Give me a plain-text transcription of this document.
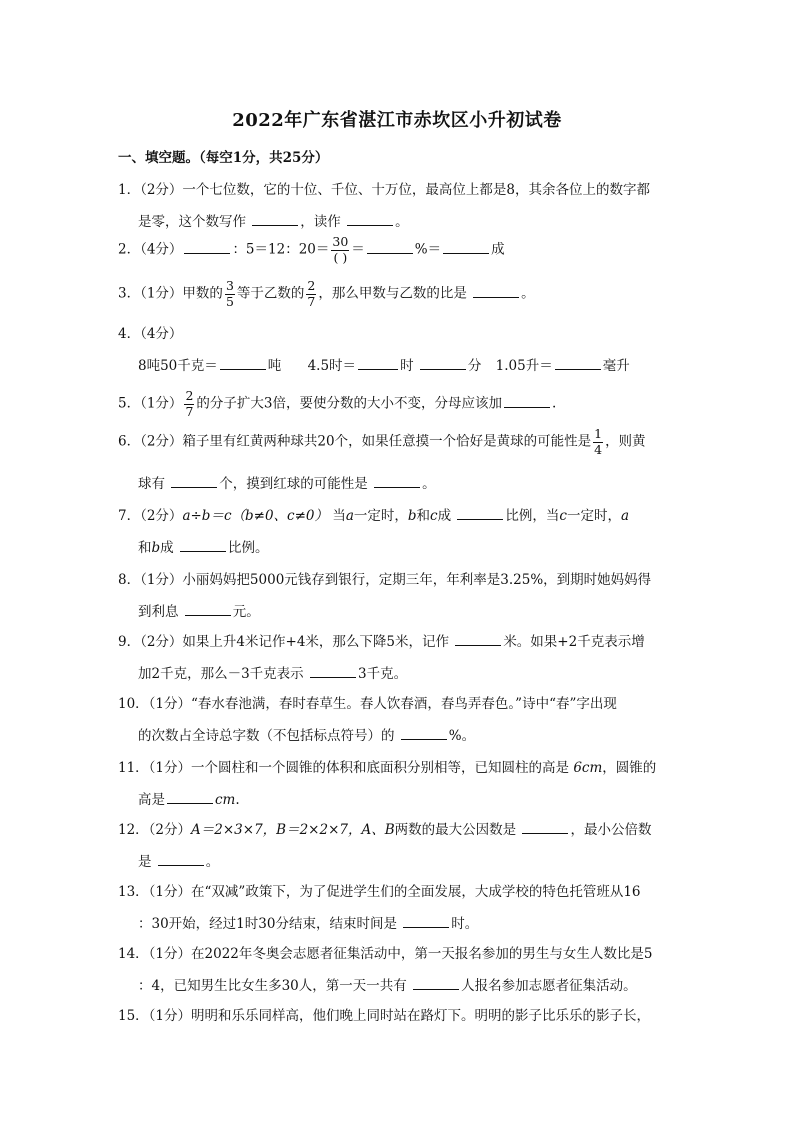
2022年广东省湛江市赤坎区小升初试卷
一、填空题。（每空1分，共25分）
1．（2分）一个七位数，它的十位、千位、十万位，最高位上都是8，其余各位上的数字都
是零，这个数写作	，读作	。
2．（4分）	：5＝12：$20= \frac{30}{( )}$ ＝	%＝	成
3．（1分）甲数的 $\frac{3}{5}$ 等于乙数的 $\frac{2}{7}$ ，那么甲数与乙数的比是	。
4．（4分）
8吨50千克＝	吨 4.5时＝	时	分 1.05升＝	毫升
5．（1分） $\frac{2}{7}$ 的分子扩大3倍，要使分数的大小不变，分母应该加	.
6．（2分）箱子里有红黄两种球共20个，如果任意摸一个恰好是黄球的可能性是 $\frac{1}{4}$ ，则黄
球有	个，摸到红球的可能性是	。
7．（2分）a÷b＝c（b≠0、c≠0） 当a一定时，b和c成	比例，当c一定时，a
和b成	比例。
8．（1分）小丽妈妈把5000元钱存到银行，定期三年，年利率是3.25%，到期时她妈妈得
到利息	元。
9．（2分）如果上升4米记作+4米，那么下降5米，记作	米。如果+2千克表示增
加2千克，那么－3千克表示	3千克。
10．（1分）“春水春池满，春时春草生。春人饮春酒，春鸟弄春色。”诗中“春”字出现
的次数占全诗总字数（不包括标点符号）的	%。
11．（1分）一个圆柱和一个圆锥的体积和底面积分别相等，已知圆柱的高是 6cm，圆锥的
高是	cm.
12．（2分）A＝2×3×7，B＝2×2×7，A、B两数的最大公因数是	，最小公倍数
是	。
13．（1分）在“双减”政策下，为了促进学生们的全面发展，大成学校的特色托管班从16
：30开始，经过1时30分结束，结束时间是	时。
14．（1分）在2022年冬奥会志愿者征集活动中，第一天报名参加的男生与女生人数比是5
：4，已知男生比女生多30人，第一天一共有	人报名参加志愿者征集活动。
15．（1分）明明和乐乐同样高，他们晚上同时站在路灯下。明明的影子比乐乐的影子长，
